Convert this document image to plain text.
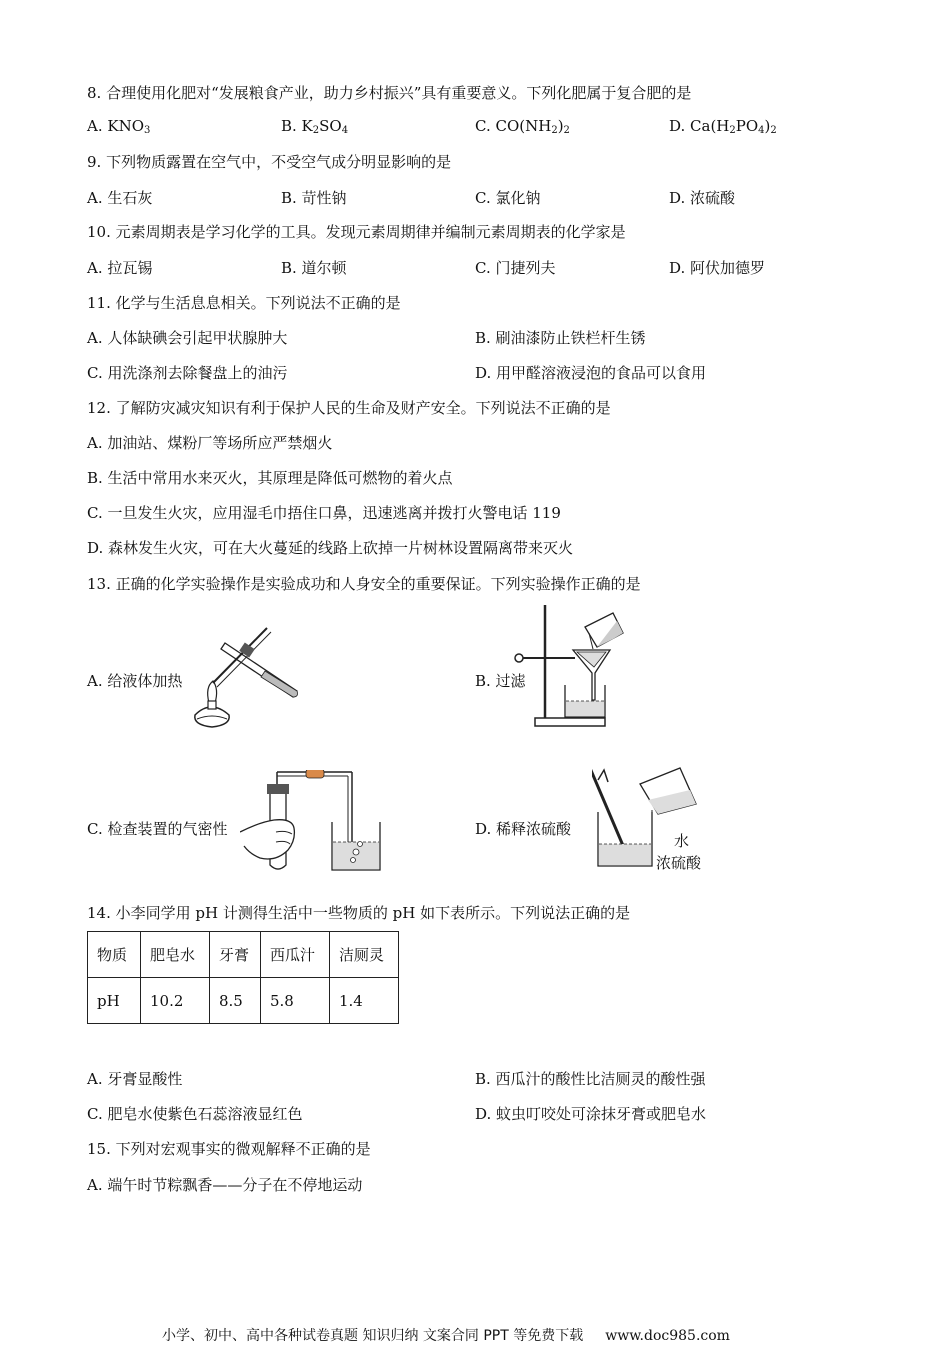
8. 合理使用化肥对“发展粮食产业，助力乡村振兴”具有重要意义。下列化肥属于复合肥的是
A. $KNO_3$	B. $K_2SO_4$	C. $CO(NH_2)_2$	D. $Ca(H_2PO_4)_2$
9. 下列物质露置在空气中，不受空气成分明显影响的是
A. 生石灰	B. 苛性钠	C. 氯化钠	D. 浓硫酸
10. 元素周期表是学习化学的工具。发现元素周期律并编制元素周期表的化学家是
A. 拉瓦锡	B. 道尔顿	C. 门捷列夫	D. 阿伏加德罗
11. 化学与生活息息相关。下列说法不正确的是
A. 人体缺碘会引起甲状腺肿大	B. 刷油漆防止铁栏杆生锈
C. 用洗涤剂去除餐盘上的油污	D. 用甲醛溶液浸泡的食品可以食用
12. 了解防灾减灾知识有利于保护人民的生命及财产安全。下列说法不正确的是
A. 加油站、煤粉厂等场所应严禁烟火
B. 生活中常用水来灭火，其原理是降低可燃物的着火点
C. 一旦发生火灾，应用湿毛巾捂住口鼻，迅速逃离并拨打火警电话 119
D. 森林发生火灾，可在大火蔓延的线路上砍掉一片树林设置隔离带来灭火
13. 正确的化学实验操作是实验成功和人身安全的重要保证。下列实验操作正确的是
A. 给液体加热	B. 过滤
C. 检查装置的气密性	D. 稀释浓硫酸
水
浓硫酸
14. 小李同学用 pH 计测得生活中一些物质的 pH 如下表所示。下列说法正确的是
物质	肥皂水	牙膏	西瓜汁	洁厕灵
pH	10.2	8.5	5.8	1.4
A. 牙膏显酸性	B. 西瓜汁的酸性比洁厕灵的酸性强
C. 肥皂水使紫色石蕊溶液显红色	D. 蚊虫叮咬处可涂抹牙膏或肥皂水
15. 下列对宏观事实的微观解释不正确的是
A. 端午时节粽飘香——分子在不停地运动
小学、初中、高中各种试卷真题 知识归纳 文案合同 PPT 等免费下载 www.doc985.com
